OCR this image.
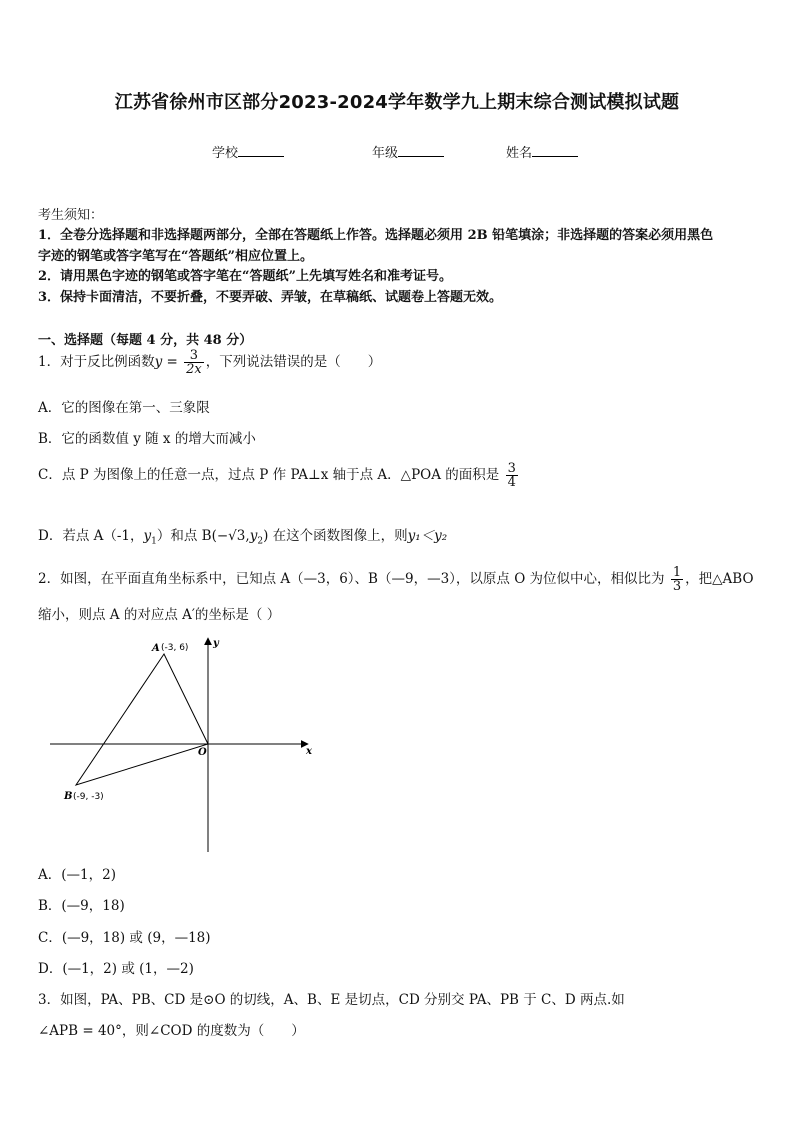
江苏省徐州市区部分2023-2024学年数学九上期末综合测试模拟试题
学校	年级	姓名
考生须知：
1．全卷分选择题和非选择题两部分，全部在答题纸上作答。选择题必须用 2B 铅笔填涂；非选择题的答案必须用黑色
字迹的钢笔或答字笔写在“答题纸”相应位置上。
2．请用黑色字迹的钢笔或答字笔在“答题纸”上先填写姓名和准考证号。
3．保持卡面清洁，不要折叠，不要弄破、弄皱，在草稿纸、试题卷上答题无效。
一、选择题（每题 4 分，共 48 分）
1．对于反比例函数$y = \frac{3}{2x}$ ，下列说法错误的是（　　）
A．它的图像在第一、三象限
B．它的函数值 y 随 x 的增大而减小
C．点 P 为图像上的任意一点，过点 P 作 PA⊥x 轴于点 A．△POA 的面积是 $\frac{3}{4}$
D．若点 A（-1，$y_1$）和点 $B(-√3,y_2)$ 在这个函数图像上，则y₁＜y₂
2．如图，在平面直角坐标系中，已知点 A（—3，6）、B（—9，—3），以原点 O 为位似中心，相似比为 $\frac{1}{3}$ ，把△ABO
缩小，则点 A 的对应点 A′的坐标是（ ）
A (-3, 6)
B (-9, -3)
O	x
y
A．(—1，2)
B．(—9，18)
C．(—9，18) 或 (9，—18)
D．(—1，2) 或 (1，—2)
3．如图，PA、PB、CD 是⊙O 的切线，A、B、E 是切点，CD 分别交 PA、PB 于 C、D 两点.如
∠APB = 40°，则∠COD 的度数为（　　）
